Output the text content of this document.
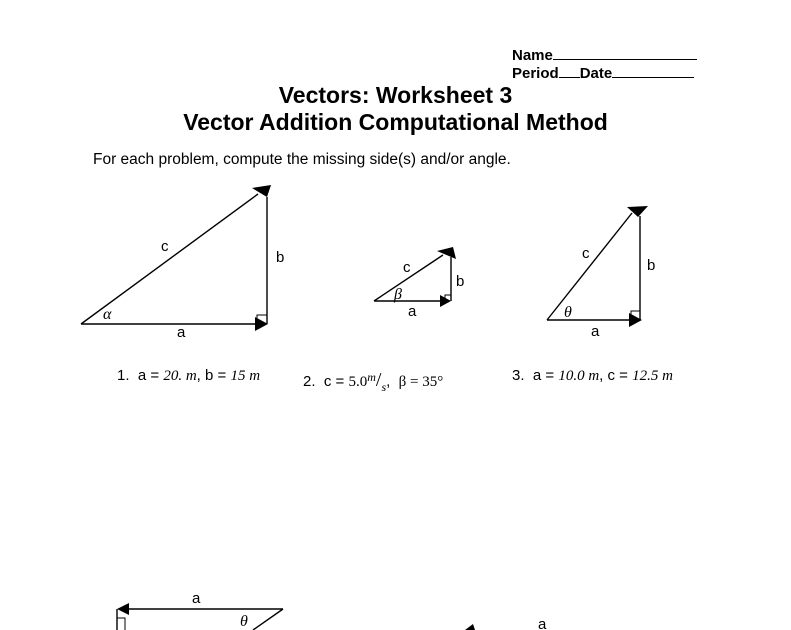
Name
Period Date
Vectors: Worksheet 3
Vector Addition Computational Method
For each problem, compute the missing side(s) and/or angle.
c
b
a
α
c
b
a
β
c
b
a
θ
a
θ	a
1. a = 20. m, b = 15 m	2. $c = 5.0^m/_s$,  β = 35°	3. a = 10.0 m, c = 12.5 m
